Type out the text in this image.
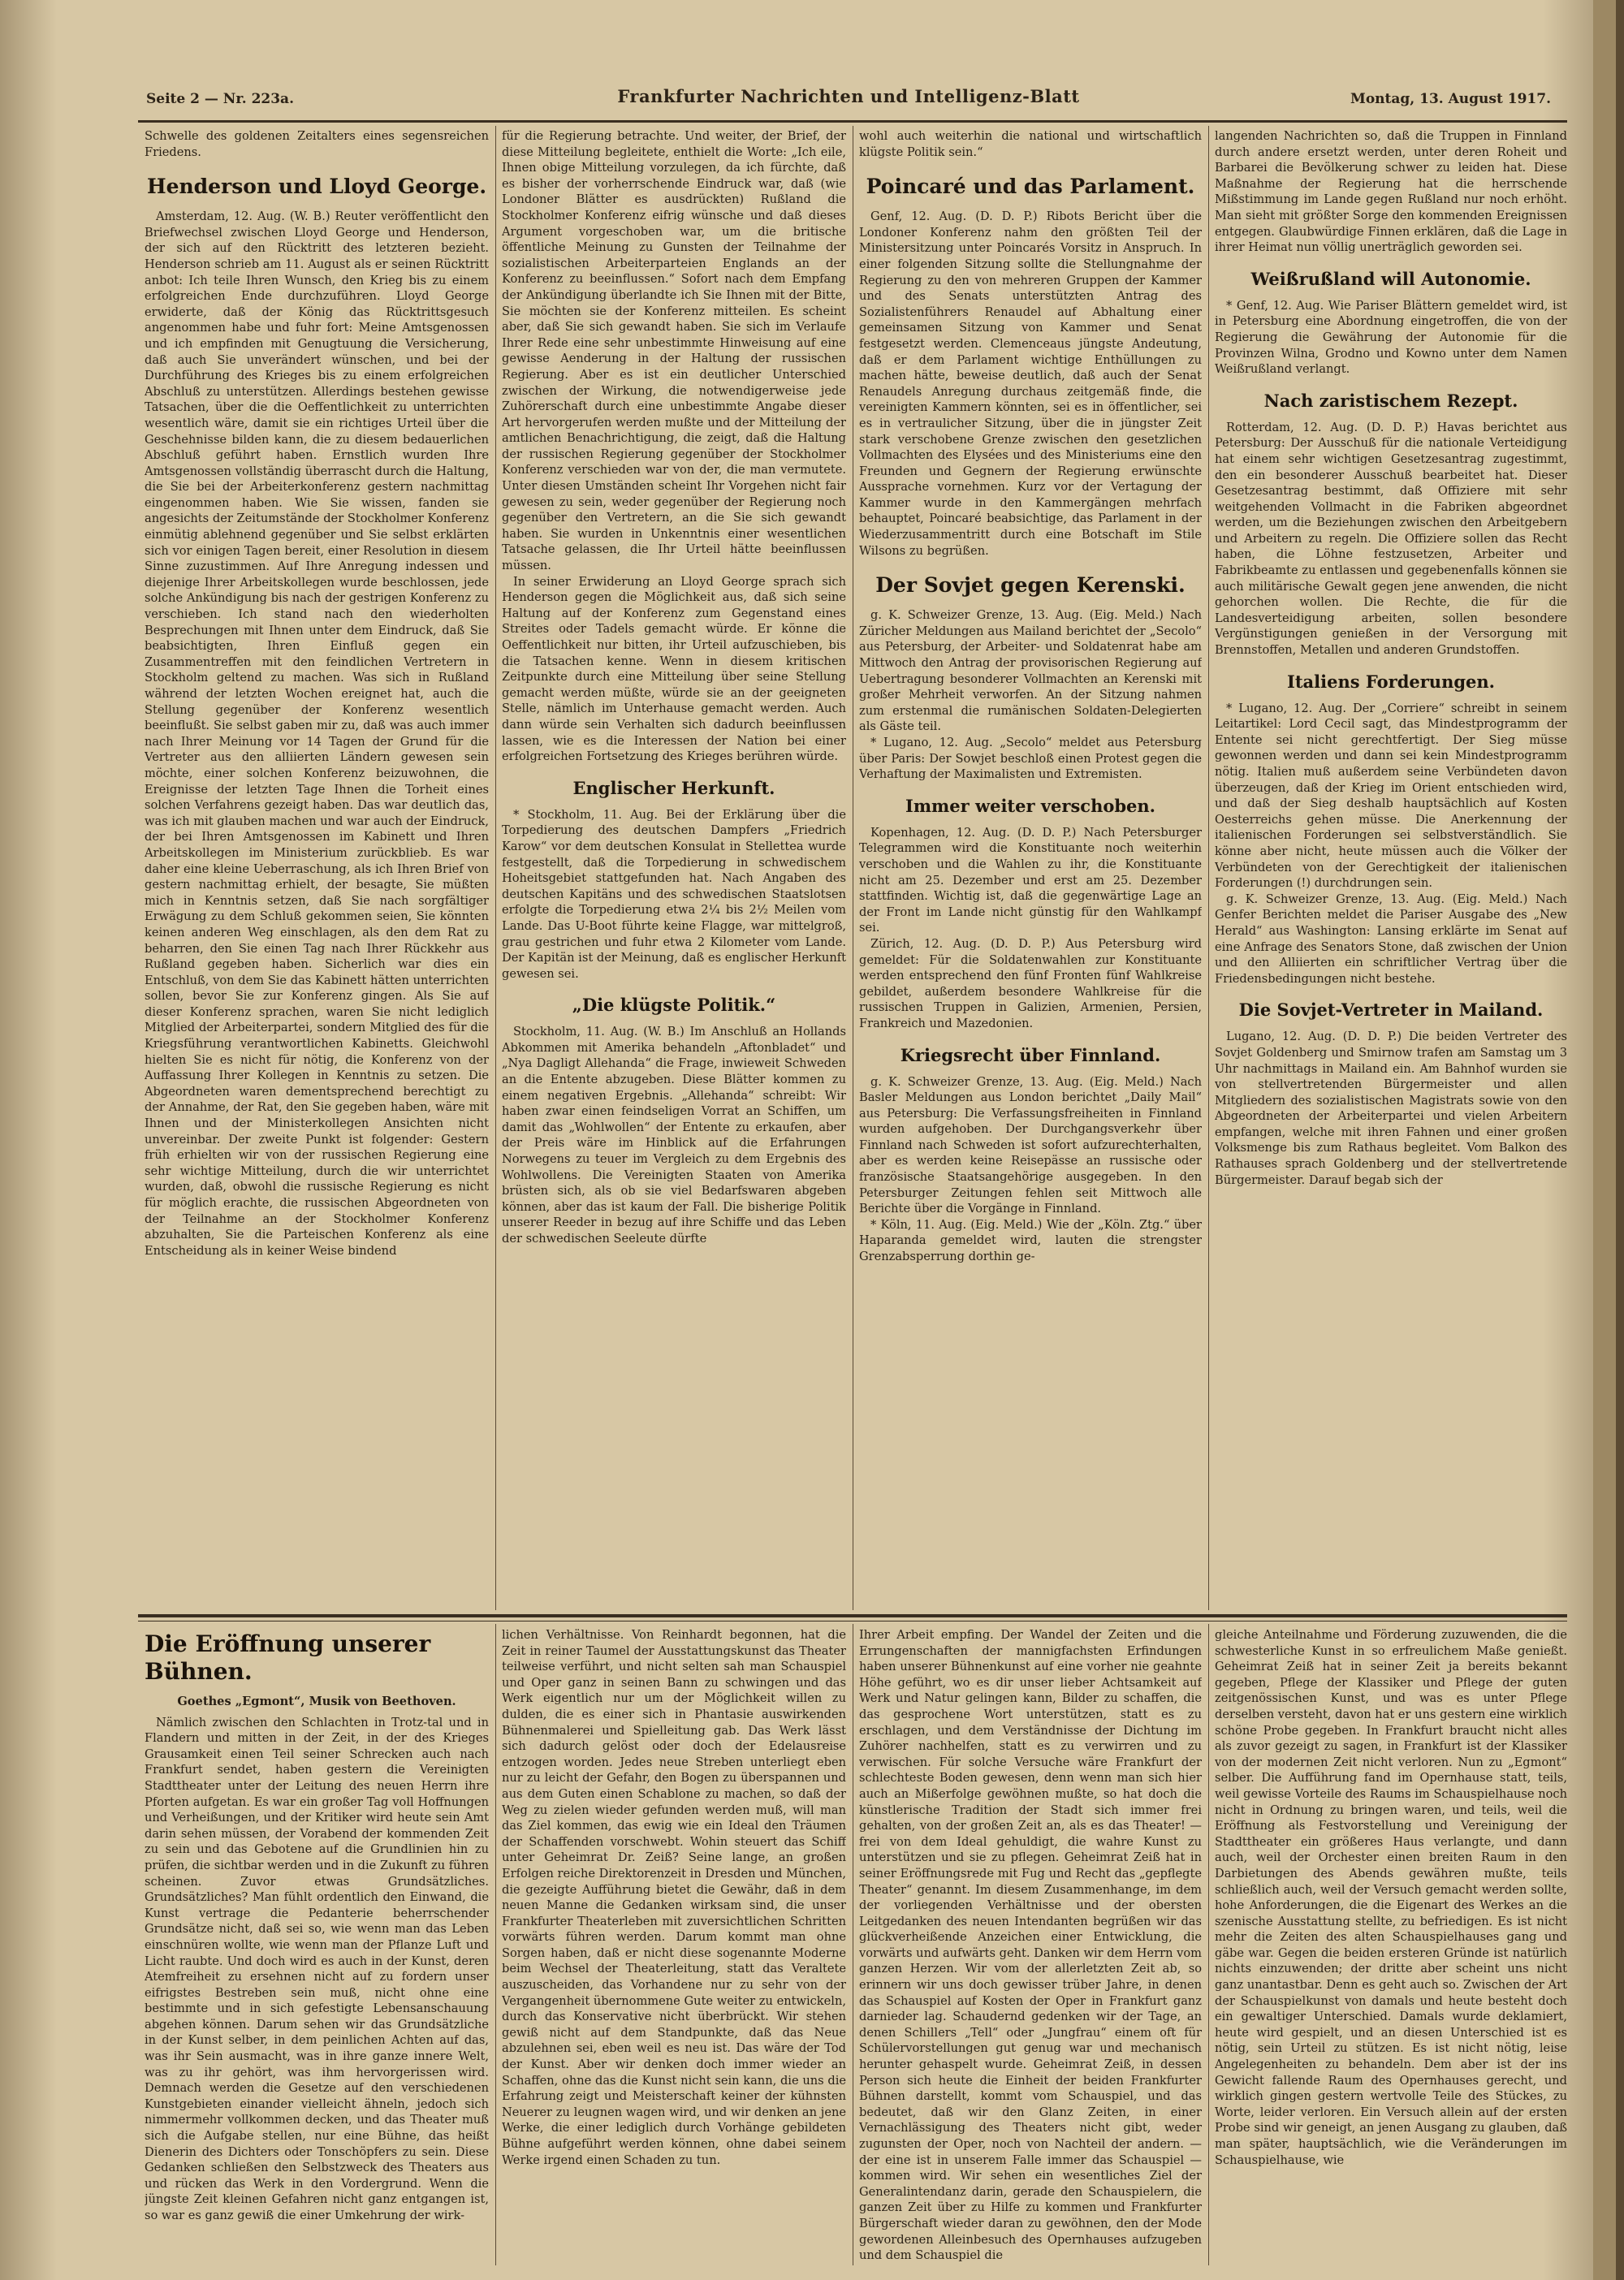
Seite 2 — Nr. 223a.	Frankfurter Nachrichten und Intelligenz-Blatt	Montag, 13. August 1917.

Schwelle des goldenen Zeitalters eines segensreichen Friedens.

Henderson und Lloyd George.

Amsterdam, 12. Aug. (W. B.) Reuter veröffentlicht den Briefwechsel zwischen Lloyd George und Henderson, der sich auf den Rücktritt des letzteren bezieht. Henderson schrieb am 11. August als er seinen Rücktritt anbot: Ich teile Ihren Wunsch, den Krieg bis zu einem erfolgreichen Ende durchzuführen. Lloyd George erwiderte, daß der König das Rücktrittsgesuch angenommen habe und fuhr fort: Meine Amtsgenossen und ich empfinden mit Genugtuung die Versicherung, daß auch Sie unverändert wünschen, und bei der Durchführung des Krieges bis zu einem erfolgreichen Abschluß zu unterstützen. Allerdings bestehen gewisse Tatsachen, über die die Oeffentlichkeit zu unterrichten wesentlich wäre, damit sie ein richtiges Urteil über die Geschehnisse bilden kann, die zu diesem bedauerlichen Abschluß geführt haben. Ernstlich wurden Ihre Amtsgenossen vollständig überrascht durch die Haltung, die Sie bei der Arbeiterkonferenz gestern nachmittag eingenommen haben. Wie Sie wissen, fanden sie angesichts der Zeitumstände der Stockholmer Konferenz einmütig ablehnend gegenüber und Sie selbst erklärten sich vor einigen Tagen bereit, einer Resolution in diesem Sinne zuzustimmen. Auf Ihre Anregung indessen und diejenige Ihrer Arbeitskollegen wurde beschlossen, jede solche Ankündigung bis nach der gestrigen Konferenz zu verschieben. Ich stand nach den wiederholten Besprechungen mit Ihnen unter dem Eindruck, daß Sie beabsichtigten, Ihren Einfluß gegen ein Zusammentreffen mit den feindlichen Vertretern in Stockholm geltend zu machen. Was sich in Rußland während der letzten Wochen ereignet hat, auch die Stellung gegenüber der Konferenz wesentlich beeinflußt. Sie selbst gaben mir zu, daß was auch immer nach Ihrer Meinung vor 14 Tagen der Grund für die Vertreter aus den alliierten Ländern gewesen sein möchte, einer solchen Konferenz beizuwohnen, die Ereignisse der letzten Tage Ihnen die Torheit eines solchen Verfahrens gezeigt haben. Das war deutlich das, was ich mit glauben machen und war auch der Eindruck, der bei Ihren Amtsgenossen im Kabinett und Ihren Arbeitskollegen im Ministerium zurückblieb. Es war daher eine kleine Ueberraschung, als ich Ihren Brief von gestern nachmittag erhielt, der besagte, Sie müßten mich in Kenntnis setzen, daß Sie nach sorgfältiger Erwägung zu dem Schluß gekommen seien, Sie könnten keinen anderen Weg einschlagen, als den dem Rat zu beharren, den Sie einen Tag nach Ihrer Rückkehr aus Rußland gegeben haben. Sicherlich war dies ein Entschluß, von dem Sie das Kabinett hätten unterrichten sollen, bevor Sie zur Konferenz gingen. Als Sie auf dieser Konferenz sprachen, waren Sie nicht lediglich Mitglied der Arbeiterpartei, sondern Mitglied des für die Kriegsführung verantwortlichen Kabinetts. Gleichwohl hielten Sie es nicht für nötig, die Konferenz von der Auffassung Ihrer Kollegen in Kenntnis zu setzen. Die Abgeordneten waren dementsprechend berechtigt zu der Annahme, der Rat, den Sie gegeben haben, wäre mit Ihnen und der Ministerkollegen Ansichten nicht unvereinbar. Der zweite Punkt ist folgender: Gestern früh erhielten wir von der russischen Regierung eine sehr wichtige Mitteilung, durch die wir unterrichtet wurden, daß, obwohl die russische Regierung es nicht für möglich erachte, die russischen Abgeordneten von der Teilnahme an der Stockholmer Konferenz abzuhalten, Sie die Parteischen Konferenz als eine Entscheidung als in keiner Weise bindend

für die Regierung betrachte. Und weiter, der Brief, der diese Mitteilung begleitete, enthielt die Worte: „Ich eile, Ihnen obige Mitteilung vorzulegen, da ich fürchte, daß es bisher der vorherrschende Eindruck war, daß (wie Londoner Blätter es ausdrückten) Rußland die Stockholmer Konferenz eifrig wünsche und daß dieses Argument vorgeschoben war, um die britische öffentliche Meinung zu Gunsten der Teilnahme der sozialistischen Arbeiterparteien Englands an der Konferenz zu beeinflussen.“ Sofort nach dem Empfang der Ankündigung überlandte ich Sie Ihnen mit der Bitte, Sie möchten sie der Konferenz mitteilen. Es scheint aber, daß Sie sich gewandt haben. Sie sich im Verlaufe Ihrer Rede eine sehr unbestimmte Hinweisung auf eine gewisse Aenderung in der Haltung der russischen Regierung. Aber es ist ein deutlicher Unterschied zwischen der Wirkung, die notwendigerweise jede Zuhörerschaft durch eine unbestimmte Angabe dieser Art hervorgerufen werden mußte und der Mitteilung der amtlichen Benachrichtigung, die zeigt, daß die Haltung der russischen Regierung gegenüber der Stockholmer Konferenz verschieden war von der, die man vermutete. Unter diesen Umständen scheint Ihr Vorgehen nicht fair gewesen zu sein, weder gegenüber der Regierung noch gegenüber den Vertretern, an die Sie sich gewandt haben. Sie wurden in Unkenntnis einer wesentlichen Tatsache gelassen, die Ihr Urteil hätte beeinflussen müssen.

In seiner Erwiderung an Lloyd George sprach sich Henderson gegen die Möglichkeit aus, daß sich seine Haltung auf der Konferenz zum Gegenstand eines Streites oder Tadels gemacht würde. Er könne die Oeffentlichkeit nur bitten, ihr Urteil aufzuschieben, bis die Tatsachen kenne. Wenn in diesem kritischen Zeitpunkte durch eine Mitteilung über seine Stellung gemacht werden müßte, würde sie an der geeigneten Stelle, nämlich im Unterhause gemacht werden. Auch dann würde sein Verhalten sich dadurch beeinflussen lassen, wie es die Interessen der Nation bei einer erfolgreichen Fortsetzung des Krieges berühren würde.

Englischer Herkunft.

* Stockholm, 11. Aug. Bei der Erklärung über die Torpedierung des deutschen Dampfers „Friedrich Karow“ vor dem deutschen Konsulat in Stellettea wurde festgestellt, daß die Torpedierung in schwedischem Hoheitsgebiet stattgefunden hat. Nach Angaben des deutschen Kapitäns und des schwedischen Staatslotsen erfolgte die Torpedierung etwa 2¼ bis 2½ Meilen vom Lande. Das U-Boot führte keine Flagge, war mittelgroß, grau gestrichen und fuhr etwa 2 Kilometer vom Lande. Der Kapitän ist der Meinung, daß es englischer Herkunft gewesen sei.

„Die klügste Politik.“

Stockholm, 11. Aug. (W. B.) Im Anschluß an Hollands Abkommen mit Amerika behandeln „Aftonbladet“ und „Nya Dagligt Allehanda“ die Frage, inwieweit Schweden an die Entente abzugeben. Diese Blätter kommen zu einem negativen Ergebnis. „Allehanda“ schreibt: Wir haben zwar einen feindseligen Vorrat an Schiffen, um damit das „Wohlwollen“ der Entente zu erkaufen, aber der Preis wäre im Hinblick auf die Erfahrungen Norwegens zu teuer im Vergleich zu dem Ergebnis des Wohlwollens. Die Vereinigten Staaten von Amerika brüsten sich, als ob sie viel Bedarfswaren abgeben können, aber das ist kaum der Fall. Die bisherige Politik unserer Reeder in bezug auf ihre Schiffe und das Leben der schwedischen Seeleute dürfte

wohl auch weiterhin die national und wirtschaftlich klügste Politik sein.“

Poincaré und das Parlament.

Genf, 12. Aug. (D. D. P.) Ribots Bericht über die Londoner Konferenz nahm den größten Teil der Ministersitzung unter Poincarés Vorsitz in Anspruch. In einer folgenden Sitzung sollte die Stellungnahme der Regierung zu den von mehreren Gruppen der Kammer und des Senats unterstützten Antrag des Sozialistenführers Renaudel auf Abhaltung einer gemeinsamen Sitzung von Kammer und Senat festgesetzt werden. Clemenceaus jüngste Andeutung, daß er dem Parlament wichtige Enthüllungen zu machen hätte, beweise deutlich, daß auch der Senat Renaudels Anregung durchaus zeitgemäß finde, die vereinigten Kammern könnten, sei es in öffentlicher, sei es in vertraulicher Sitzung, über die in jüngster Zeit stark verschobene Grenze zwischen den gesetzlichen Vollmachten des Elysées und des Ministeriums eine den Freunden und Gegnern der Regierung erwünschte Aussprache vornehmen. Kurz vor der Vertagung der Kammer wurde in den Kammergängen mehrfach behauptet, Poincaré beabsichtige, das Parlament in der Wiederzusammentritt durch eine Botschaft im Stile Wilsons zu begrüßen.

Der Sovjet gegen Kerenski.

g. K. Schweizer Grenze, 13. Aug. (Eig. Meld.) Nach Züricher Meldungen aus Mailand berichtet der „Secolo“ aus Petersburg, der Arbeiter- und Soldatenrat habe am Mittwoch den Antrag der provisorischen Regierung auf Uebertragung besonderer Vollmachten an Kerenski mit großer Mehrheit verworfen. An der Sitzung nahmen zum erstenmal die rumänischen Soldaten-Delegierten als Gäste teil.

* Lugano, 12. Aug. „Secolo“ meldet aus Petersburg über Paris: Der Sowjet beschloß einen Protest gegen die Verhaftung der Maximalisten und Extremisten.

Immer weiter verschoben.

Kopenhagen, 12. Aug. (D. D. P.) Nach Petersburger Telegrammen wird die Konstituante noch weiterhin verschoben und die Wahlen zu ihr, die Konstituante nicht am 25. Dezember und erst am 25. Dezember stattfinden. Wichtig ist, daß die gegenwärtige Lage an der Front im Lande nicht günstig für den Wahlkampf sei.

Zürich, 12. Aug. (D. D. P.) Aus Petersburg wird gemeldet: Für die Soldatenwahlen zur Konstituante werden entsprechend den fünf Fronten fünf Wahlkreise gebildet, außerdem besondere Wahlkreise für die russischen Truppen in Galizien, Armenien, Persien, Frankreich und Mazedonien.

Kriegsrecht über Finnland.

g. K. Schweizer Grenze, 13. Aug. (Eig. Meld.) Nach Basler Meldungen aus London berichtet „Daily Mail“ aus Petersburg: Die Verfassungsfreiheiten in Finnland wurden aufgehoben. Der Durchgangsverkehr über Finnland nach Schweden ist sofort aufzurechterhalten, aber es werden keine Reisepässe an russische oder französische Staatsangehörige ausgegeben. In den Petersburger Zeitungen fehlen seit Mittwoch alle Berichte über die Vorgänge in Finnland.

* Köln, 11. Aug. (Eig. Meld.) Wie der „Köln. Ztg.“ über Haparanda gemeldet wird, lauten die strengster Grenzabsperrung dorthin ge-

langenden Nachrichten so, daß die Truppen in Finnland durch andere ersetzt werden, unter deren Roheit und Barbarei die Bevölkerung schwer zu leiden hat. Diese Maßnahme der Regierung hat die herrschende Mißstimmung im Lande gegen Rußland nur noch erhöht. Man sieht mit größter Sorge den kommenden Ereignissen entgegen. Glaubwürdige Finnen erklären, daß die Lage in ihrer Heimat nun völlig unerträglich geworden sei.

Weißrußland will Autonomie.

* Genf, 12. Aug. Wie Pariser Blättern gemeldet wird, ist in Petersburg eine Abordnung eingetroffen, die von der Regierung die Gewährung der Autonomie für die Provinzen Wilna, Grodno und Kowno unter dem Namen Weißrußland verlangt.

Nach zaristischem Rezept.

Rotterdam, 12. Aug. (D. D. P.) Havas berichtet aus Petersburg: Der Ausschuß für die nationale Verteidigung hat einem sehr wichtigen Gesetzesantrag zugestimmt, den ein besonderer Ausschuß bearbeitet hat. Dieser Gesetzesantrag bestimmt, daß Offiziere mit sehr weitgehenden Vollmacht in die Fabriken abgeordnet werden, um die Beziehungen zwischen den Arbeitgebern und Arbeitern zu regeln. Die Offiziere sollen das Recht haben, die Löhne festzusetzen, Arbeiter und Fabrikbeamte zu entlassen und gegebenenfalls können sie auch militärische Gewalt gegen jene anwenden, die nicht gehorchen wollen. Die Rechte, die für die Landesverteidigung arbeiten, sollen besondere Vergünstigungen genießen in der Versorgung mit Brennstoffen, Metallen und anderen Grundstoffen.

Italiens Forderungen.

* Lugano, 12. Aug. Der „Corriere“ schreibt in seinem Leitartikel: Lord Cecil sagt, das Mindestprogramm der Entente sei nicht gerechtfertigt. Der Sieg müsse gewonnen werden und dann sei kein Mindestprogramm nötig. Italien muß außerdem seine Verbündeten davon überzeugen, daß der Krieg im Orient entschieden wird, und daß der Sieg deshalb hauptsächlich auf Kosten Oesterreichs gehen müsse. Die Anerkennung der italienischen Forderungen sei selbstverständlich. Sie könne aber nicht, heute müssen auch die Völker der Verbündeten von der Gerechtigkeit der italienischen Forderungen (!) durchdrungen sein.

g. K. Schweizer Grenze, 13. Aug. (Eig. Meld.) Nach Genfer Berichten meldet die Pariser Ausgabe des „New Herald“ aus Washington: Lansing erklärte im Senat auf eine Anfrage des Senators Stone, daß zwischen der Union und den Alliierten ein schriftlicher Vertrag über die Friedensbedingungen nicht bestehe.

Die Sovjet-Vertreter in Mailand.

Lugano, 12. Aug. (D. D. P.) Die beiden Vertreter des Sovjet Goldenberg und Smirnow trafen am Samstag um 3 Uhr nachmittags in Mailand ein. Am Bahnhof wurden sie von stellvertretenden Bürgermeister und allen Mitgliedern des sozialistischen Magistrats sowie von den Abgeordneten der Arbeiterpartei und vielen Arbeitern empfangen, welche mit ihren Fahnen und einer großen Volksmenge bis zum Rathaus begleitet. Vom Balkon des Rathauses sprach Goldenberg und der stellvertretende Bürgermeister. Darauf begab sich der

Die Eröffnung unserer Bühnen.

Goethes „Egmont“, Musik von Beethoven.

Nämlich zwischen den Schlachten in Trotz-tal und in Flandern und mitten in der Zeit, in der des Krieges Grausamkeit einen Teil seiner Schrecken auch nach Frankfurt sendet, haben gestern die Vereinigten Stadttheater unter der Leitung des neuen Herrn ihre Pforten aufgetan. Es war ein großer Tag voll Hoffnungen und Verheißungen, und der Kritiker wird heute sein Amt darin sehen müssen, der Vorabend der kommenden Zeit zu sein und das Gebotene auf die Grundlinien hin zu prüfen, die sichtbar werden und in die Zukunft zu führen scheinen. Zuvor etwas Grundsätzliches. Grundsätzliches? Man fühlt ordentlich den Einwand, die Kunst vertrage die Pedanterie beherrschender Grundsätze nicht, daß sei so, wie wenn man das Leben einschnüren wollte, wie wenn man der Pflanze Luft und Licht raubte. Und doch wird es auch in der Kunst, deren Atemfreiheit zu ersehnen nicht auf zu fordern unser eifrigstes Bestreben sein muß, nicht ohne eine bestimmte und in sich gefestigte Lebensanschauung abgehen können. Darum sehen wir das Grundsätzliche in der Kunst selber, in dem peinlichen Achten auf das, was ihr Sein ausmacht, was in ihre ganze innere Welt, was zu ihr gehört, was ihm hervorgerissen wird. Demnach werden die Gesetze auf den verschiedenen Kunstgebieten einander vielleicht ähneln, jedoch sich nimmermehr vollkommen decken, und das Theater muß sich die Aufgabe stellen, nur eine Bühne, das heißt Dienerin des Dichters oder Tonschöpfers zu sein. Diese Gedanken schließen den Selbstzweck des Theaters aus und rücken das Werk in den Vordergrund. Wenn die jüngste Zeit kleinen Gefahren nicht ganz entgangen ist, so war es ganz gewiß die einer Umkehrung der wirk-

lichen Verhältnisse. Von Reinhardt begonnen, hat die Zeit in reiner Taumel der Ausstattungskunst das Theater teilweise verführt, und nicht selten sah man Schauspiel und Oper ganz in seinen Bann zu schwingen und das Werk eigentlich nur um der Möglichkeit willen zu dulden, die es einer sich in Phantasie auswirkenden Bühnenmalerei und Spielleitung gab. Das Werk lässt sich dadurch gelöst oder doch der Edelausreise entzogen worden. Jedes neue Streben unterliegt eben nur zu leicht der Gefahr, den Bogen zu überspannen und aus dem Guten einen Schablone zu machen, so daß der Weg zu zielen wieder gefunden werden muß, will man das Ziel kommen, das ewig wie ein Ideal den Träumen der Schaffenden vorschwebt. Wohin steuert das Schiff unter Geheimrat Dr. Zeiß? Seine lange, an großen Erfolgen reiche Direktorenzeit in Dresden und München, die gezeigte Aufführung bietet die Gewähr, daß in dem neuen Manne die Gedanken wirksam sind, die unser Frankfurter Theaterleben mit zuversichtlichen Schritten vorwärts führen werden. Darum kommt man ohne Sorgen haben, daß er nicht diese sogenannte Moderne beim Wechsel der Theaterleitung, statt das Veraltete auszuscheiden, das Vorhandene nur zu sehr von der Vergangenheit übernommene Gute weiter zu entwickeln, durch das Konservative nicht überbrückt. Wir stehen gewiß nicht auf dem Standpunkte, daß das Neue abzulehnen sei, eben weil es neu ist. Das wäre der Tod der Kunst. Aber wir denken doch immer wieder an Schaffen, ohne das die Kunst nicht sein kann, die uns die Erfahrung zeigt und Meisterschaft keiner der kühnsten Neuerer zu leugnen wagen wird, und wir denken an jene Werke, die einer lediglich durch Vorhänge gebildeten Bühne aufgeführt werden können, ohne dabei seinem Werke irgend einen Schaden zu tun.

Ihrer Arbeit empfing. Der Wandel der Zeiten und die Errungenschaften der mannigfachsten Erfindungen haben unserer Bühnenkunst auf eine vorher nie geahnte Höhe geführt, wo es dir unser lieber Achtsamkeit auf Werk und Natur gelingen kann, Bilder zu schaffen, die das gesprochene Wort unterstützen, statt es zu erschlagen, und dem Verständnisse der Dichtung im Zuhörer nachhelfen, statt es zu verwirren und zu verwischen. Für solche Versuche wäre Frankfurt der schlechteste Boden gewesen, denn wenn man sich hier auch an Mißerfolge gewöhnen mußte, so hat doch die künstlerische Tradition der Stadt sich immer frei gehalten, von der großen Zeit an, als es das Theater! — frei von dem Ideal gehuldigt, die wahre Kunst zu unterstützen und sie zu pflegen. Geheimrat Zeiß hat in seiner Eröffnungsrede mit Fug und Recht das „gepflegte Theater“ genannt. Im diesem Zusammenhange, im dem der vorliegenden Verhältnisse und der obersten Leitgedanken des neuen Intendanten begrüßen wir das glückverheißende Anzeichen einer Entwicklung, die vorwärts und aufwärts geht. Danken wir dem Herrn vom ganzen Herzen. Wir vom der allerletzten Zeit ab, so erinnern wir uns doch gewisser trüber Jahre, in denen das Schauspiel auf Kosten der Oper in Frankfurt ganz darnieder lag. Schaudernd gedenken wir der Tage, an denen Schillers „Tell“ oder „Jungfrau“ einem oft für Schülervorstellungen gut genug war und mechanisch herunter gehaspelt wurde. Geheimrat Zeiß, in dessen Person sich heute die Einheit der beiden Frankfurter Bühnen darstellt, kommt vom Schauspiel, und das bedeutet, daß wir den Glanz Zeiten, in einer Vernachlässigung des Theaters nicht gibt, weder zugunsten der Oper, noch von Nachteil der andern. — der eine ist in unserem Falle immer das Schauspiel — kommen wird. Wir sehen ein wesentliches Ziel der Generalintendanz darin, gerade den Schauspielern, die ganzen Zeit über zu Hilfe zu kommen und Frankfurter Bürgerschaft wieder daran zu gewöhnen, den der Mode gewordenen Alleinbesuch des Opernhauses aufzugeben und dem Schauspiel die

gleiche Anteilnahme und Förderung zuzuwenden, die die schwesterliche Kunst in so erfreulichem Maße genießt. Geheimrat Zeiß hat in seiner Zeit ja bereits bekannt gegeben, Pflege der Klassiker und Pflege der guten zeitgenössischen Kunst, und was es unter Pflege derselben versteht, davon hat er uns gestern eine wirklich schöne Probe gegeben. In Frankfurt braucht nicht alles als zuvor gezeigt zu sagen, in Frankfurt ist der Klassiker von der modernen Zeit nicht verloren. Nun zu „Egmont“ selber. Die Aufführung fand im Opernhause statt, teils, weil gewisse Vorteile des Raums im Schauspielhause noch nicht in Ordnung zu bringen waren, und teils, weil die Eröffnung als Festvorstellung und Vereinigung der Stadttheater ein größeres Haus verlangte, und dann auch, weil der Orchester einen breiten Raum in den Darbietungen des Abends gewähren mußte, teils schließlich auch, weil der Versuch gemacht werden sollte, hohe Anforderungen, die die Eigenart des Werkes an die szenische Ausstattung stellte, zu befriedigen. Es ist nicht mehr die Zeiten des alten Schauspielhauses gang und gäbe war. Gegen die beiden ersteren Gründe ist natürlich nichts einzuwenden; der dritte aber scheint uns nicht ganz unantastbar. Denn es geht auch so. Zwischen der Art der Schauspielkunst von damals und heute besteht doch ein gewaltiger Unterschied. Damals wurde deklamiert, heute wird gespielt, und an diesen Unterschied ist es nötig, sein Urteil zu stützen. Es ist nicht nötig, leise Angelegenheiten zu behandeln. Dem aber ist der ins Gewicht fallende Raum des Opernhauses gerecht, und wirklich gingen gestern wertvolle Teile des Stückes, zu Worte, leider verloren. Ein Versuch allein auf der ersten Probe sind wir geneigt, an jenen Ausgang zu glauben, daß man später, hauptsächlich, wie die Veränderungen im Schauspielhause, wie
